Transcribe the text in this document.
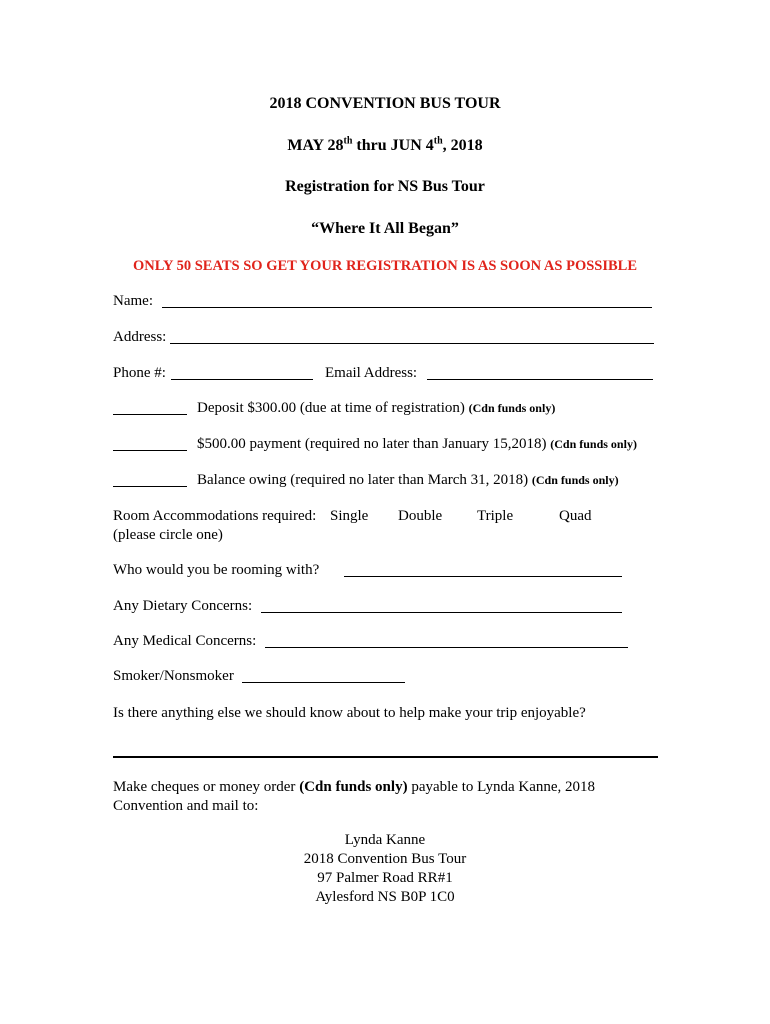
2018 CONVENTION BUS TOUR
MAY 28th thru JUN 4th, 2018
Registration for NS Bus Tour
“Where It All Began”
ONLY 50 SEATS SO GET YOUR REGISTRATION IS AS SOON AS POSSIBLE
Name:
Address:
Phone #:	Email Address:
Deposit $300.00 (due at time of registration) (Cdn funds only)
$500.00 payment (required no later than January 15,2018) (Cdn funds only)
Balance owing (required no later than March 31, 2018) (Cdn funds only)
Room Accommodations required:
(please circle one)
Single Double Triple	Quad
Who would you be rooming with?
Any Dietary Concerns:
Any Medical Concerns:
Smoker/Nonsmoker
Is there anything else we should know about to help make your trip enjoyable?
Make cheques or money order (Cdn funds only) payable to Lynda Kanne, 2018
Convention and mail to:
Lynda Kanne
2018 Convention Bus Tour
97 Palmer Road RR#1
Aylesford NS B0P 1C0
